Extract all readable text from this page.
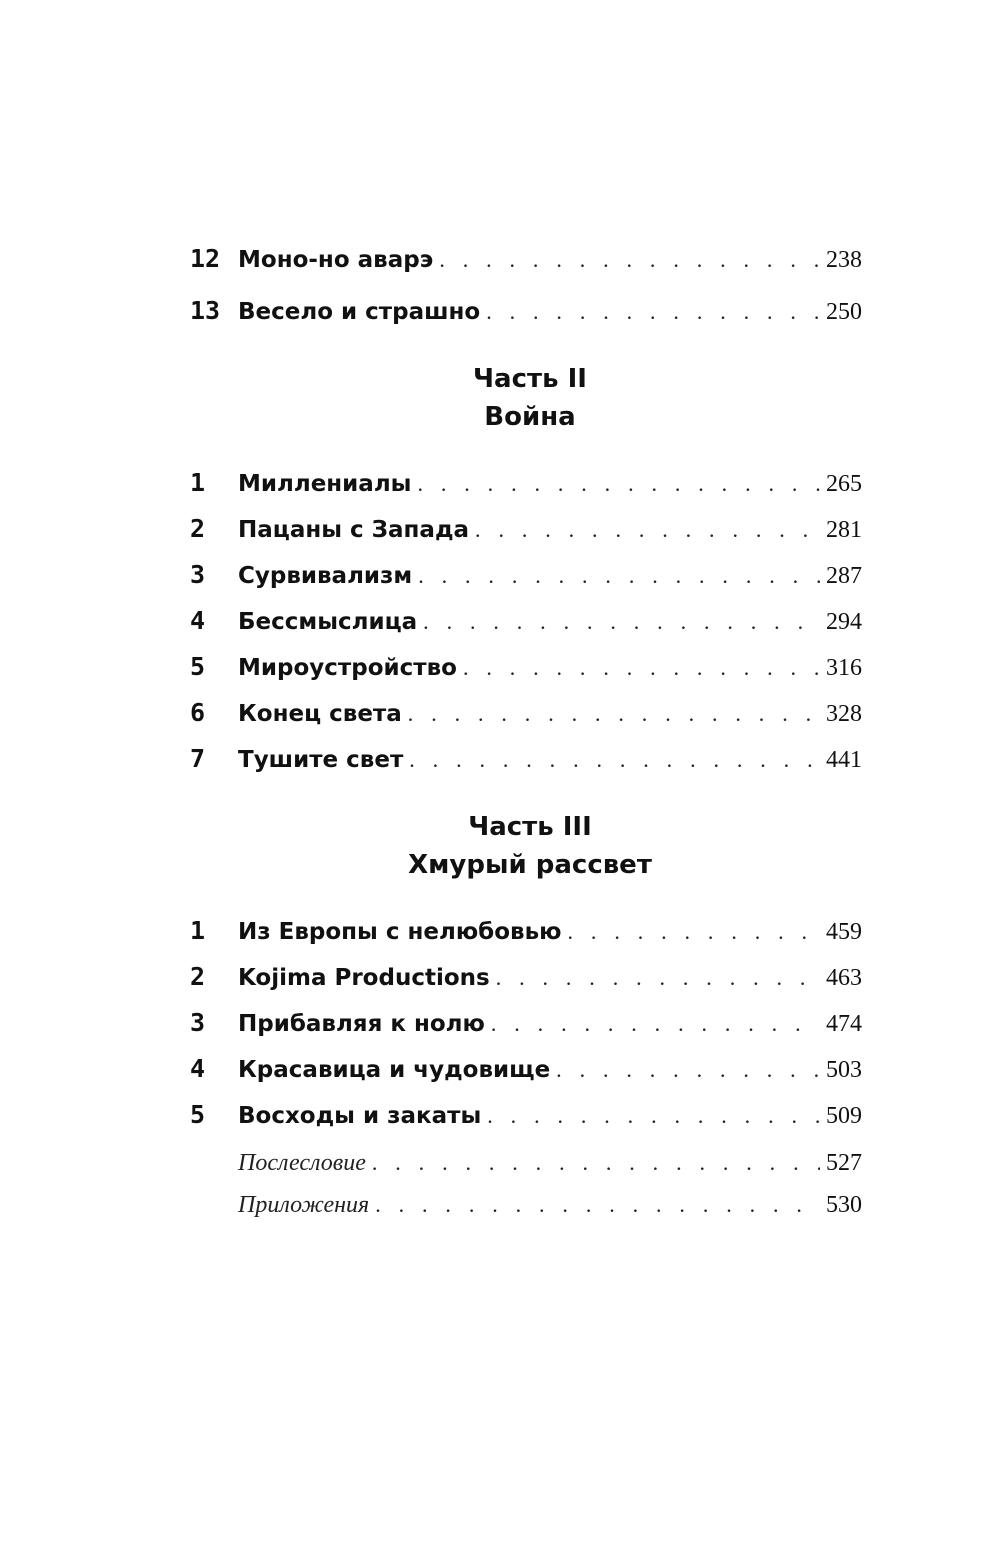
12 Моно-но аварэ . . .	238
13 Весело и страшно . . .	250
Часть II
Война
1	Миллениалы . . .	265
2	Пацаны с Запада . . .	281
3	Сурвивализм . . .	287
4	Бессмыслица . . .	294
5	Мироустройство . . .	316
6	Конец света . . .	328
7	Тушите свет . . .	441
Часть III
Хмурый рассвет
1	Из Европы с нелюбовью . . .	459
2	Kojima Productions . . .	463
3	Прибавляя к нолю . . .	474
4	Красавица и чудовище . . .	503
5	Восходы и закаты . . .	509
Послесловие . . .	527
Приложения . . .	530
